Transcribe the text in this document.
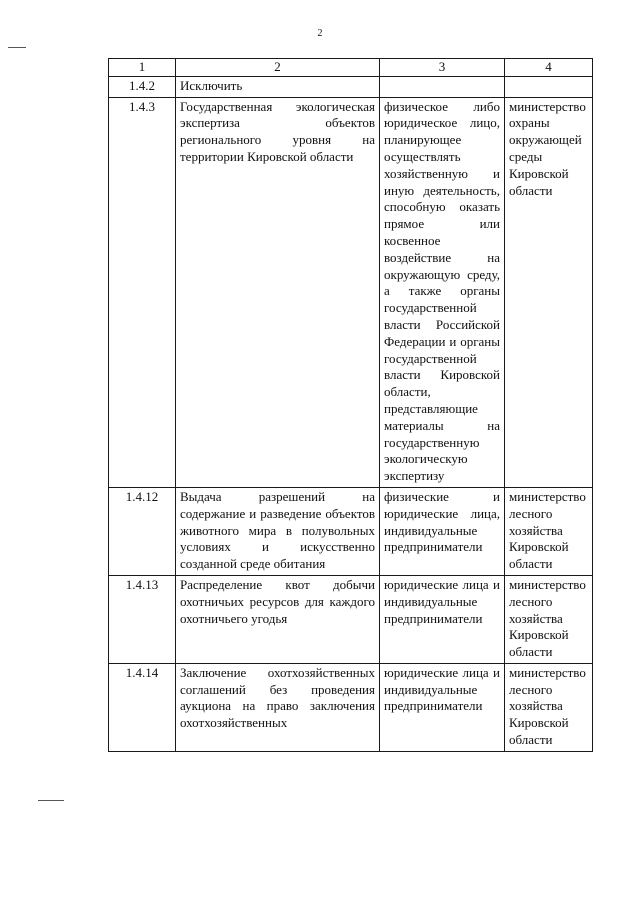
2
1	2	3	4
1.4.2	Исключить		
1.4.3	Государственная экологическая экспертиза объектов регионального уровня на территории Кировской области	физическое либо юридическое лицо, планирующее осуществлять хозяйственную и иную деятельность, способную оказать прямое или косвенное воздействие на окружающую среду, а также органы государственной власти Российской Федерации и органы государственной власти Кировской области, представляющие материалы на государственную экологическую экспертизу	министерство охраны окружающей среды Кировской области
1.4.12	Выдача разрешений на содержание и разведение объектов животного мира в полувольных условиях и искусственно созданной среде обитания	физические и юридические лица, индивидуальные предприниматели	министерство лесного хозяйства Кировской области
1.4.13	Распределение квот добычи охотничьих ресурсов для каждого охотничьего угодья	юридические лица и индивидуальные предприниматели	министерство лесного хозяйства Кировской области
1.4.14	Заключение охотхозяйственных соглашений без проведения аукциона на право заключения охотхозяйственных	юридические лица и индивидуальные предприниматели	министерство лесного хозяйства Кировской области
